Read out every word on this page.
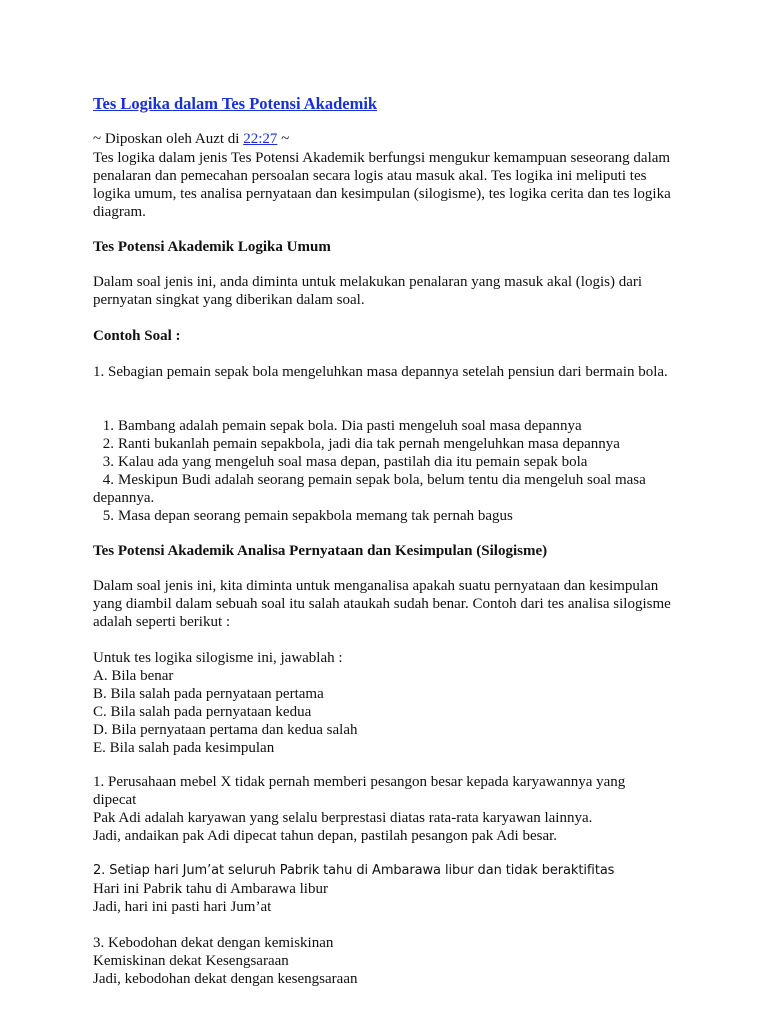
Tes Logika dalam Tes Potensi Akademik
~ Diposkan oleh Auzt di 22:27 ~
Tes logika dalam jenis Tes Potensi Akademik berfungsi mengukur kemampuan seseorang dalam penalaran dan pemecahan persoalan secara logis atau masuk akal. Tes logika ini meliputi tes logika umum, tes analisa pernyataan dan kesimpulan (silogisme), tes logika cerita dan tes logika diagram.
Tes Potensi Akademik Logika Umum
Dalam soal jenis ini, anda diminta untuk melakukan penalaran yang masuk akal (logis) dari pernyatan singkat yang diberikan dalam soal.
Contoh Soal :
1. Sebagian pemain sepak bola mengeluhkan masa depannya setelah pensiun dari bermain bola.
1. Bambang adalah pemain sepak bola. Dia pasti mengeluh soal masa depannya
2. Ranti bukanlah pemain sepakbola, jadi dia tak pernah mengeluhkan masa depannya
3. Kalau ada yang mengeluh soal masa depan, pastilah dia itu pemain sepak bola
4. Meskipun Budi adalah seorang pemain sepak bola, belum tentu dia mengeluh soal masa
depannya.
5. Masa depan seorang pemain sepakbola memang tak pernah bagus
Tes Potensi Akademik Analisa Pernyataan dan Kesimpulan (Silogisme)
Dalam soal jenis ini, kita diminta untuk menganalisa apakah suatu pernyataan dan kesimpulan yang diambil dalam sebuah soal itu salah ataukah sudah benar. Contoh dari tes analisa silogisme adalah seperti berikut :
Untuk tes logika silogisme ini, jawablah :
A. Bila benar
B. Bila salah pada pernyataan pertama
C. Bila salah pada pernyataan kedua
D. Bila pernyataan pertama dan kedua salah
E. Bila salah pada kesimpulan
1. Perusahaan mebel X tidak pernah memberi pesangon besar kepada karyawannya yang
dipecat
Pak Adi adalah karyawan yang selalu berprestasi diatas rata-rata karyawan lainnya.
Jadi, andaikan pak Adi dipecat tahun depan, pastilah pesangon pak Adi besar.
2. Setiap hari Jum’at seluruh Pabrik tahu di Ambarawa libur dan tidak beraktifitas
Hari ini Pabrik tahu di Ambarawa libur
Jadi, hari ini pasti hari Jum’at
3. Kebodohan dekat dengan kemiskinan
Kemiskinan dekat Kesengsaraan
Jadi, kebodohan dekat dengan kesengsaraan
